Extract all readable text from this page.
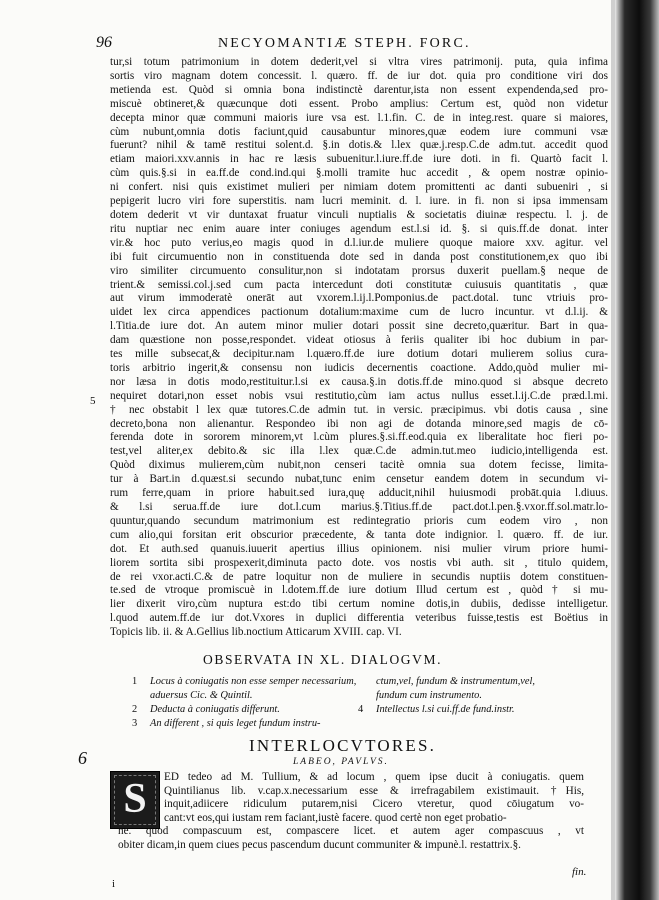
96	NECYOMANTIÆ STEPH. FORC.
tur,si totum patrimonium in dotem dederit,vel si vltra vires patrimonij. puta, quia infima
sortis viro magnam dotem concessit. l. quæro. ff. de iur dot. quia pro conditione viri dos
metienda est. Quòd si omnia bona indistinctè darentur,ista non essent expendenda,sed pro-
miscuè obtineret,& quæcunque doti essent. Probo amplius: Certum est, quòd non videtur
decepta minor quæ communi maioris iure vsa est. l.1.fin. C. de in integ.rest. quare si maiores,
cùm nubunt,omnia dotis faciunt,quid causabuntur minores,quæ eodem iure communi vsæ
fuerunt? nihil & tamē restitui solent.d. §.in dotis.& l.lex quæ.j.resp.C.de adm.tut. accedit quod
etiam maiori.xxv.annis in hac re læsis subuenitur.l.iure.ff.de iure doti. in fi. Quartò facit l.
cùm quis.§.si in ea.ff.de cond.ind.qui §.molli tramite huc accedit , & opem nostræ opinio-
ni confert. nisi quis existimet mulieri per nimiam dotem promittenti ac danti subueniri , si
pepigerit lucro viri fore superstitis. nam lucri meminit. d. l. iure. in fi. non si ipsa immensam
dotem dederit vt vir duntaxat fruatur vinculi nuptialis & societatis diuinæ respectu. l. j. de
ritu nuptiar nec enim auare inter coniuges agendum est.l.si id. §. si quis.ff.de donat. inter
vir.& hoc puto verius,eo magis quod in d.l.iur.de muliere quoque maiore xxv. agitur. vel
ibi fuit circumuentio non in constituenda dote sed in danda post constitutionem,ex quo ibi
viro similiter circumuento consulitur,non si indotatam prorsus duxerit puellam.§ neque de
trient.& semissi.col.j.sed cum pacta intercedunt doti constitutæ cuiusuis quantitatis , quæ
aut virum immoderatè onerāt aut vxorem.l.ij.l.Pomponius.de pact.dotal. tunc vtriuis pro-
uidet lex circa appendices pactionum dotalium:maxime cum de lucro incuntur. vt d.l.ij. &
l.Titia.de iure dot. An autem minor mulier dotari possit sine decreto,quæritur. Bart in qua-
dam quæstione non posse,respondet. videat otiosus à feriis qualiter ibi hoc dubium in par-
tes mille subsecat,& decipitur.nam l.quæro.ff.de iure dotium dotari mulierem solius cura-
toris arbitrio ingerit,& consensu non iudicis decernentis coactione. Addo,quòd mulier mi-
nor læsa in dotis modo,restituitur.l.si ex causa.§.in dotis.ff.de mino.quod si absque decreto
nequiret dotari,non esset nobis vsui restitutio,cùm iam actus nullus esset.l.ij.C.de præd.l.mi.
† nec obstabit l lex quæ tutores.C.de admin tut. in versic. præcipimus. vbi dotis causa , sine
decreto,bona non alienantur. Respondeo ibi non agi de dotanda minore,sed magis de cō-
ferenda dote in sororem minorem,vt l.cùm plures.§.si.ff.eod.quia ex liberalitate hoc fieri po-
test,vel aliter,ex debito.& sic illa l.lex quæ.C.de admin.tut.meo iudicio,intelligenda est.
Quòd diximus mulierem,cùm nubit,non censeri tacitè omnia sua dotem fecisse, limita-
tur à Bart.in d.quæst.si secundo nubat,tunc enim censetur eandem dotem in secundum vi-
rum ferre,quam in priore habuit.sed iura,quę adducit,nihil huiusmodi probāt.quia l.diuus.
& l.si serua.ff.de iure dot.l.cum marius.§.Titius.ff.de pact.dot.l.pen.§.vxor.ff.sol.matr.lo-
quuntur,quando secundum matrimonium est redintegratio prioris cum eodem viro , non
cum alio,qui forsitan erit obscurior præcedente, & tanta dote indignior. l. quæro. ff. de iur.
dot. Et auth.sed quanuis.iuuerit apertius illius opinionem. nisi mulier virum priore humi-
liorem sortita sibi prospexerit,diminuta pacto dote. vos nostis vbi auth. sit , titulo quidem,
de rei vxor.acti.C.& de patre loquitur non de muliere in secundis nuptiis dotem constituen-
te.sed de vtroque promiscuè in l.dotem.ff.de iure dotium Illud certum est , quòd † si mu-
lier dixerit viro,cùm nuptura est:do tibi certum nomine dotis,in dubiis, dedisse intelligetur.
l.quod autem.ff.de iur dot.Vxores in duplici differentia veteribus fuisse,testis est Boëtius in
Topicis lib. ii. & A.Gellius lib.noctium Atticarum XVIII. cap. VI.
5
OBSERVATA IN XL. DIALOGVM.
1 Locus à coniugatis non esse semper necessarium,
aduersus Cic. & Quintil.
2 Deducta à coniugatis differunt.
3 An different , si quis leget fundum instru-
ctum,vel, fundum & instrumentum,vel,
fundum cum instrumento.
4 Intellectus l.si cui.ff.de fund.instr.
6
INTERLOCVTORES.
LABEO, PAVLVS.
S	ED tedeo ad M. Tullium, & ad locum , quem ipse ducit à coniugatis. quem
Quintilianus lib. v.cap.x.necessarium esse & irrefragabilem existimauit. †His,
inquit,adiicere ridiculum putarem,nisi Cicero vteretur, quod cōiugatum vo-
cant:vt eos,qui iustam rem faciant,iustè facere. quod certè non eget probatio-
ne. quod compascuum est, compascere licet. et autem ager compascuus , vt
obiter dicam,in quem ciues pecus pascendum ducunt communiter & impunè.l. restattrix.§.
fin.
i
